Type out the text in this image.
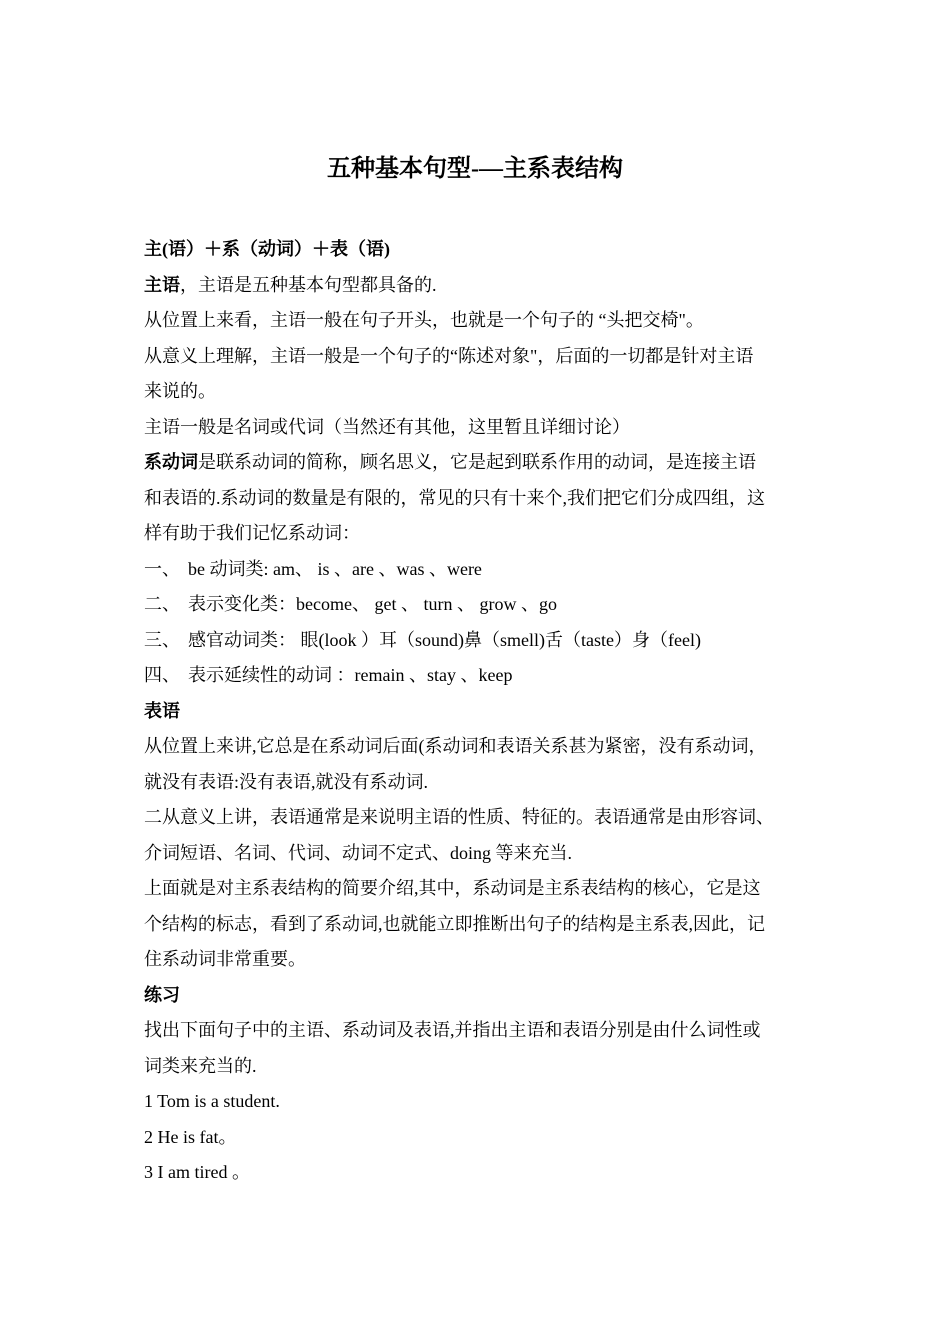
五种基本句型-—主系表结构
主(语）＋系（动词）＋表（语)
主语，主语是五种基本句型都具备的.
从位置上来看，主语一般在句子开头，也就是一个句子的 “头把交椅"。
从意义上理解，主语一般是一个句子的“陈述对象"，后面的一切都是针对主语
来说的。
主语一般是名词或代词（当然还有其他，这里暂且详细讨论）
系动词是联系动词的简称，顾名思义，它是起到联系作用的动词，是连接主语
和表语的.系动词的数量是有限的，常见的只有十来个,我们把它们分成四组，这
样有助于我们记忆系动词：
一、 be 动词类: am、 is 、are 、was 、were
二、 表示变化类：become、 get 、 turn 、 grow 、go
三、 感官动词类： 眼(look ）耳（sound)鼻（smell)舌（taste）身（feel)
四、 表示延续性的动词 ：remain 、stay 、keep
表语
从位置上来讲,它总是在系动词后面(系动词和表语关系甚为紧密，没有系动词，
就没有表语:没有表语,就没有系动词.
二从意义上讲，表语通常是来说明主语的性质、特征的。表语通常是由形容词、
介词短语、名词、代词、动词不定式、doing 等来充当.
上面就是对主系表结构的简要介绍,其中，系动词是主系表结构的核心，它是这
个结构的标志，看到了系动词,也就能立即推断出句子的结构是主系表,因此，记
住系动词非常重要。
练习
找出下面句子中的主语、系动词及表语,并指出主语和表语分别是由什么词性或
词类来充当的.
1 Tom is a student.
2 He is fat。
3 I am tired 。
